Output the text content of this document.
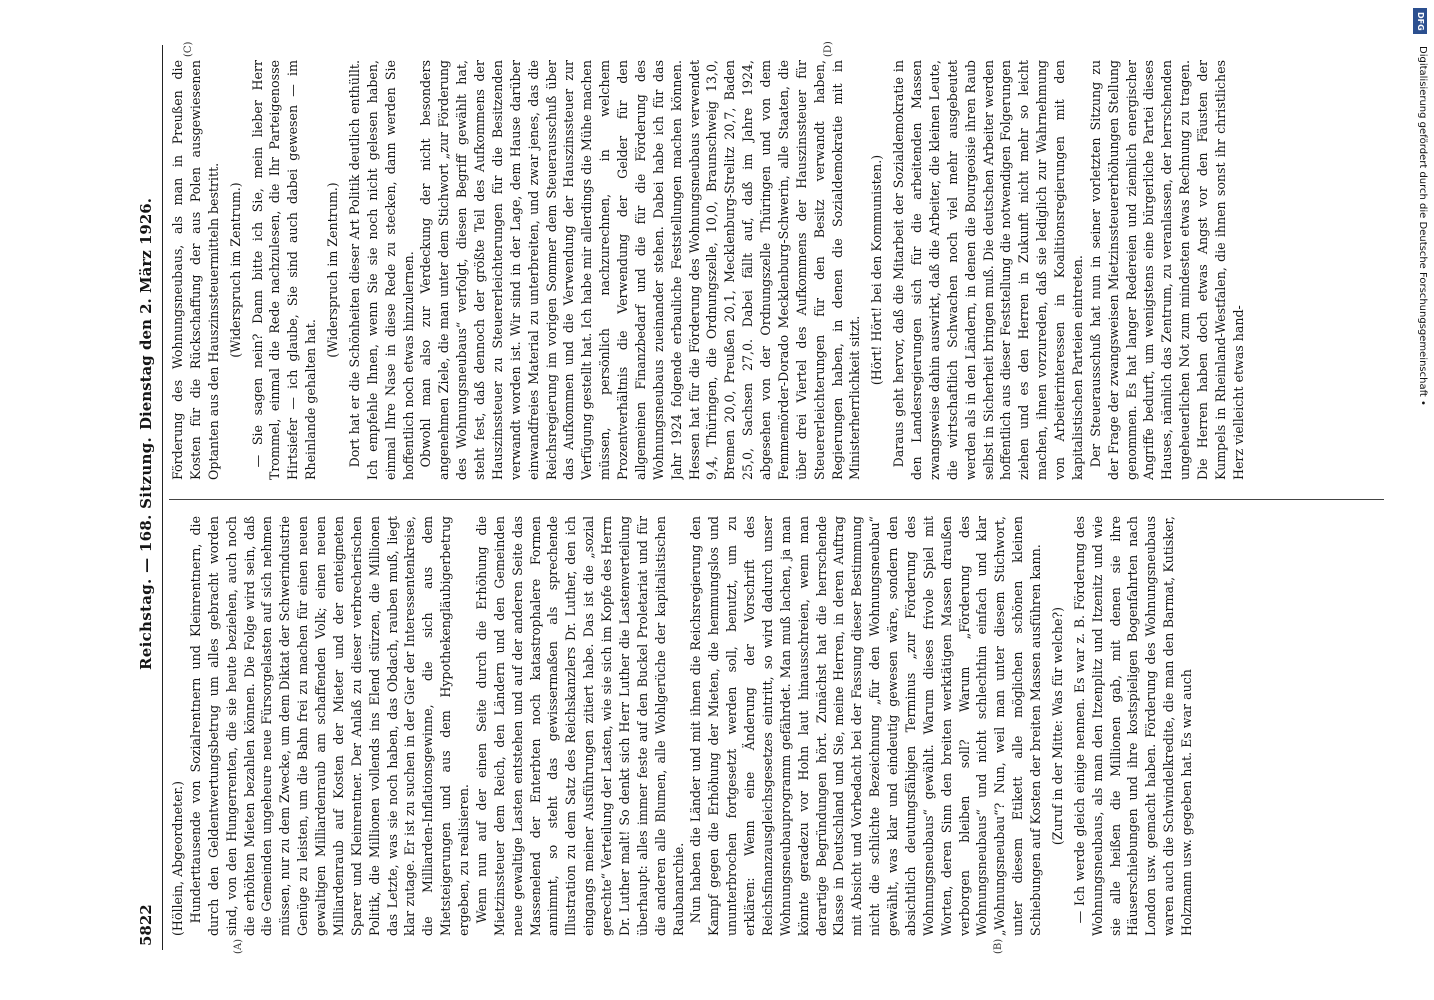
5822
Reichstag. — 168. Sitzung.
Dienstag den 2. März 1926.

(Höllein, Abgeordneter.) Hunderttausende von Sozialrentnern und Kleinrentnern, die durch den Geldentwertungsbetrug um alles gebracht worden sind, von den Hungerrenten, die sie heute beziehen, auch noch die erhöhten Mieten bezahlen können. Die Folge wird sein, daß die Gemeinden ungeheure neue Fürsorgelasten auf sich nehmen müssen, nur zu dem Zwecke, um dem Diktat der Schwerindustrie Genüge zu leisten, um die Bahn frei zu machen für einen neuen gewaltigen Milliardenraub am schaffenden Volk; einen neuen Milliardenraub auf Kosten der Mieter und der enteigneten Sparer und Kleinrentner. Der Anlaß zu dieser verbrecherischen Politik, die Millionen vollends ins Elend stürzen, die Millionen das Letzte, was sie noch haben, das Obdach, rauben muß, liegt klar zutage. Er ist zu suchen in der Gier der Interessentenkreise, die Milliarden-Inflationsgewinne, die sich aus dem Mietsteigerungen und aus dem Hypothekengläubigerbetrug ergeben, zu realisieren. Wenn nun auf der einen Seite durch die Erhöhung die Mietzinssteuer dem Reich, den Ländern und den Gemeinden neue gewaltige Lasten entstehen und auf der anderen Seite das Massenelend der Enterbten noch katastrophalere Formen annimmt, so steht das gewissermaßen als sprechende Illustration zu dem Satz des Reichskanzlers Dr. Luther, den ich eingangs meiner Ausführungen zitiert habe. Das ist die „sozial gerechte“ Verteilung der Lasten, wie sie sich im Kopfe des Herrn Dr. Luther malt! So denkt sich Herr Luther die Lastenverteilung überhaupt: alles immer feste auf den Buckel Proletariat und für die anderen alle Blumen, alle Wohlgerüche der kapitalistischen Raubanarchie. Nun haben die Länder und mit ihnen die Reichsregierung den Kampf gegen die Erhöhung der Mieten, die hemmungslos und ununterbrochen fortgesetzt werden soll, benutzt, um zu erklären: Wenn eine Änderung der Vorschrift des Reichsfinanzausgleichsgesetzes eintritt, so wird dadurch unser Wohnungsneubauprogramm gefährdet. Man muß lachen, ja man könnte geradezu vor Hohn laut hinausschreien, wenn man derartige Begründungen hört. Zunächst hat die herrschende Klasse in Deutschland und Sie, meine Herren, in deren Auftrag mit Absicht und Vorbedacht bei der Fassung dieser Bestimmung nicht die schlichte Bezeichnung „für den Wohnungsneubau“ gewählt, was klar und eindeutig gewesen wäre, sondern den absichtlich deutungsfähigen Terminus „zur Förderung des Wohnungsneubaus“ gewählt. Warum dieses frivole Spiel mit Worten, deren Sinn den breiten werktätigen Massen draußen verborgen bleiben soll? Warum „Förderung des Wohnungsneubaus“ und nicht schlechthin einfach und klar „Wohnungsneubau“? Nun, weil man unter diesem Stichwort, unter diesem Etikett alle möglichen schönen kleinen Schiebungen auf Kosten der breiten Massen ausführen kann. (Zuruf in der Mitte: Was für welche?) — Ich werde gleich einige nennen. Es war z. B. Förderung des Wohnungsneubaus, als man den Itzenplitz und Itzenitz und wie sie alle heißen die Millionen gab, mit denen sie ihre Häuserschiebungen und ihre kostspieligen Bogenfahrten nach London usw. gemacht haben. Förderung des Wohnungsneubaus waren auch die Schwindelkredite, die man den Barmat, Kutisker, Holzmann usw. gegeben hat. Es war auch

Förderung des Wohnungsneubaus, als man in Preußen die Kosten für die Rückschaffung der aus Polen ausgewiesenen Optanten aus den Hauszinssteuermitteln bestritt. (Widerspruch im Zentrum.) — Sie sagen nein? Dann bitte ich Sie, mein lieber Herr Trommel, einmal die Rede nachzulesen, die Ihr Parteigenosse Hirtsiefer — ich glaube, Sie sind auch dabei gewesen — im Rheinlande gehalten hat.

(Widerspruch im Zentrum.) Dort hat er die Schönheiten dieser Art Politik deutlich enthüllt. Ich empfehle Ihnen, wenn Sie sie noch nicht gelesen haben, einmal Ihre Nase in diese Rede zu stecken, dann werden Sie hoffentlich noch etwas hinzulernen. Obwohl man also zur Verdeckung der nicht besonders angenehmen Ziele, die man unter dem Stichwort „zur Förderung des Wohnungsneubaus“ verfolgt, diesen Begriff gewählt hat, steht fest, daß dennoch der größte Teil des Aufkommens der Hauszinssteuer zu Steuererleichterungen für die Besitzenden verwandt worden ist. Wir sind in der Lage, dem Hause darüber einwandfreies Material zu unterbreiten, und zwar jenes, das die Reichsregierung im vorigen Sommer dem Steuerausschuß über das Aufkommen und die Verwendung der Hauszinssteuer zur Verfügung gestellt hat. Ich habe mir allerdings die Mühe machen müssen, persönlich nachzurechnen, in welchem Prozentverhältnis die Verwendung der Gelder für den allgemeinen Finanzbedarf und die für die Förderung des Wohnungsneubaus zueinander stehen. Dabei habe ich für das Jahr 1924 folgende erbauliche Feststellungen machen können. Hessen hat für die Förderung des Wohnungsneubaus verwendet 9,4, Thüringen, die Ordnungszelle, 10,0, Braunschweig 13,0, Bremen 20,0, Preußen 20,1, Mecklenburg-Strelitz 20,7, Baden 25,0, Sachsen 27,0. Dabei fällt auf, daß im Jahre 1924, abgesehen von der Ordnungszelle Thüringen und von dem Femmemörder-Dorado Mecklenburg-Schwerin, alle Staaten, die über drei Viertel des Aufkommens der Hauszinssteuer für Steuererleichterungen für den Besitz verwandt haben, Regierungen haben, in denen die Sozialdemokratie mit in Ministerherrlichkeit sitzt.

(Hört! Hört! bei den Kommunisten.) Daraus geht hervor, daß die Mitarbeit der Sozialdemokratie in den Landesregierungen sich für die arbeitenden Massen zwangsweise dahin auswirkt, daß die Arbeiter, die kleinen Leute, die wirtschaftlich Schwachen noch viel mehr ausgebeutet werden als in den Ländern, in denen die Bourgeoisie ihren Raub selbst in Sicherheit bringen muß. Die deutschen Arbeiter werden hoffentlich aus dieser Feststellung die notwendigen Folgerungen ziehen und es den Herren in Zukunft nicht mehr so leicht machen, ihnen vorzureden, daß sie lediglich zur Wahrnehmung von Arbeiterinteressen in Koalitionsregierungen mit den kapitalistischen Parteien eintreten. Der Steuerausschuß hat nun in seiner vorletzten Sitzung zu der Frage der zwangsweisen Mietzinssteuererhöhungen Stellung genommen. Es hat langer Redereien und ziemlich energischer Angriffe bedurft, um wenigstens eine bürgerliche Partei dieses Hauses, nämlich das Zentrum, zu veranlassen, der herrschenden ungeheuerlichen Not zum mindesten etwas Rechnung zu tragen. Die Herren haben doch etwas Angst vor den Fäusten der Kumpels in Rheinland-Westfalen, die ihnen sonst ihr christliches Herz vielleicht etwas hand-

(A)	(B)
(C)	(D)
DFG
Digitalisierung gefördert durch die Deutsche Forschungsgemeinschaft •
